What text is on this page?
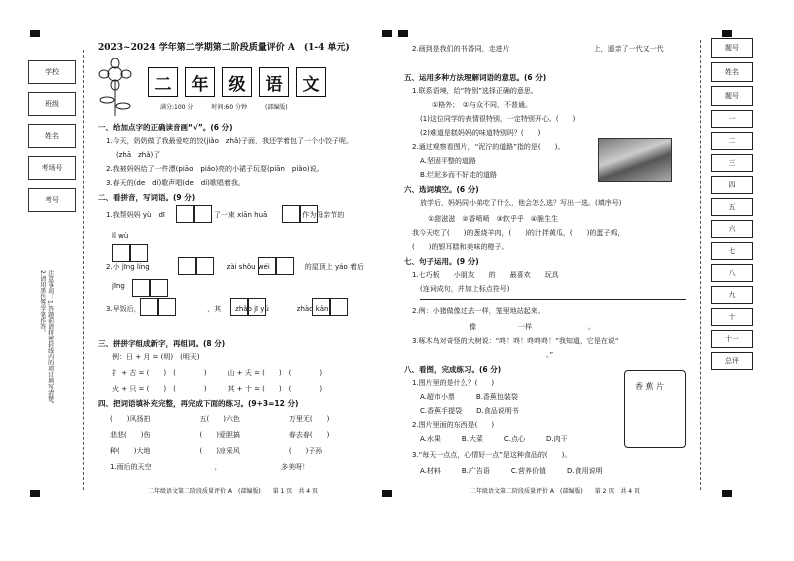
学校
班级
姓名
考场号
考号
注意事项：1.答题前请将密封线内的项目填写清楚。2.请用黑色签字笔作答。
2023~2024 学年第二学期第二阶段质量评价 A　(1-4 单元)
二	年	级	语	文
满分:100 分　　　时间:60 分钟　　　(部编版)
一、给加点字的正确读音画“√”。(6 分)
1.今天，奶奶做了我最爱吃的饺(jiǎo　zhǎ)子面，我还学着包了一个小饺子呢。
(zhā　zhǎ)了
2.我被妈妈给了一件漂(piāo　piǎo)亮的小裙子玩耍(piān　piǎo)说。
3.春天的(de　dí)歌声唱(de　dí)歌唱着我。
二、看拼音，写词语。(9 分)
1.我帮妈妈 yù　dī　　　　　　　了一束 xiān huā　　　　　作为母亲节的
lǐ wù
2.小 jīng líng　　　　　　　　　　　zài shǒu wéi　　　　　的屋顶上 yáo 着后
jīng
3.早饭后，　　　　　　　　　　，其　　zhǎo jī yú　　　　zhào kǎn　　　　
三、拼拼字组成新字，再组词。(8 分)
例：日 + 月 = (明)　(明天)
扌 + 古 = (　　)　(　　　　)　　　山 + 夭 = (　　)　(　　　　)
火 + 只 = (　　)　(　　　　)　　　其 + 十 = (　　)　(　　　　)
四、把词语填补充完整，再完成下面的练习。(9+3=12 分)
(　　)风扬拍　　　　　　　五(　　)六色　　　　　　　万里无(　　)
悲悲(　　)伤　　　　　　　(　　)爱胆搞　　　　　　　春去春(　　)
种(　　)大地　　　　　　　(　　)凉采风　　　　　　　(　　)子孙
1.雨后的天空　　　　　　　　　，　　　　　　　　　多美呀！
二年级语文第二阶段质量评价 A　(部编版)　　第 1 页　共 4 页
2.画到是我们的书香同，走进片　　　　　　　　　　　　上，遥亲了一代又一代
五、运用多种方法理解词语的意思。(6 分)
1.联系语境，给“特别”选择正确的意思。
①格外；　②与众不同，不普通。
(1)这位同学的表情很特别，一定特别开心。(　　)
(2)难道是糕妈妈的味道特别吗？(　　)
2.通过观察看图片，“泥泞的道路”指的是(　　)。
A.坚固平整的道路
B.烂泥多而不好走的道路
六、选词填空。(6 分)
放学后，妈妈同小弟吃了什么，他会怎么选？写出一选。(填序号)
①甜滋滋　②香喷喷　③软乎乎　④脆生生
我今天吃了(　　)的葱烧羊肉，(　　)的汁拌黄瓜，(　　)的蛋子鸡，
(　　)的银耳糕和美味的橙子。
七、句子运用。(9 分)
1.七巧板　　小朋友　　的　　最喜欢　　玩具
(连词成句，并加上标点符号)
2.例：小猪做像过去一样，笼里地站起来。
　　　　　　　像　　　　　　一样　　　　　　　　。
3.啄木鸟对奇怪的大树说：“咚！咚！咚咚咚！”我知道，它是在说“　　　
　　　　　　　　　　　　　　　　　　。”
八、看图，完成练习。(6 分)
1.图片里的是什么？(　　)
A.超市小票　　　B.香蕉包装袋
C.香蕉手提袋　　D.食品说明书
2.图片里面的东西是(　　)
A.水果　　　B.大菜　　　C.点心　　　D.肉干
3.“每天一点点，心情好一点”是这种食品的(　　)。
A.材料　　　B.广告语　　　C.营养价值　　　D.食用说明
香 蕉 片
二年级语文第二阶段质量评价 A　(部编版)　　第 2 页　共 4 页
题号
姓名
题号
一
二
三
四
五
六
七
八
九
十
十一
总评
